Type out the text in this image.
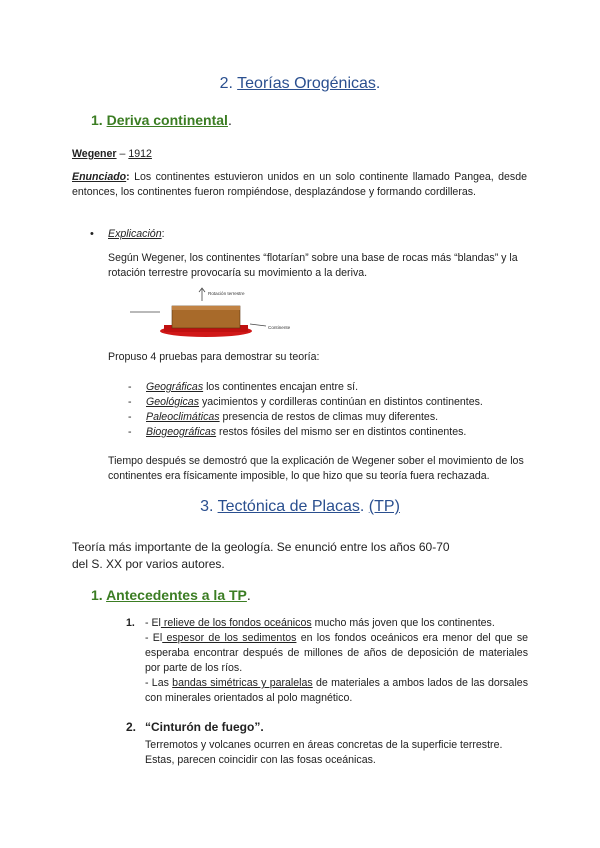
2. Teorías Orogénicas.
1. Deriva continental.
Wegener – 1912
Enunciado: Los continentes estuvieron unidos en un solo continente llamado Pangea, desde entonces, los continentes fueron rompiéndose, desplazándose y formando cordilleras.
• Explicación:
Según Wegener, los continentes “flotarían” sobre una base de rocas más “blandas” y la rotación terrestre provocaría su movimiento a la deriva.
Rotación terrestre
Continente
Propuso 4 pruebas para demostrar su teoría:
- Geográficas los continentes encajan entre sí.
- Geológicas yacimientos y cordilleras continúan en distintos continentes.
- Paleoclimáticas presencia de restos de climas muy diferentes.
- Biogeográficas restos fósiles del mismo ser en distintos continentes.
Tiempo después se demostró que la explicación de Wegener sober el movimiento de los continentes era físicamente imposible, lo que hizo que su teoría fuera rechazada.
3. Tectónica de Placas. (TP)
Teoría más importante de la geología. Se enunció entre los años 60-70 del S. XX por varios autores.
1. Antecedentes a la TP.
1. - El relieve de los fondos oceánicos mucho más joven que los continentes.
- El espesor de los sedimentos en los fondos oceánicos era menor del que se esperaba encontrar después de millones de años de deposición de materiales por parte de los ríos.
- Las bandas simétricas y paralelas de materiales a ambos lados de las dorsales con minerales orientados al polo magnético.
2. “Cinturón de fuego”.
Terremotos y volcanes ocurren en áreas concretas de la superficie terrestre. Estas, parecen coincidir con las fosas oceánicas.
